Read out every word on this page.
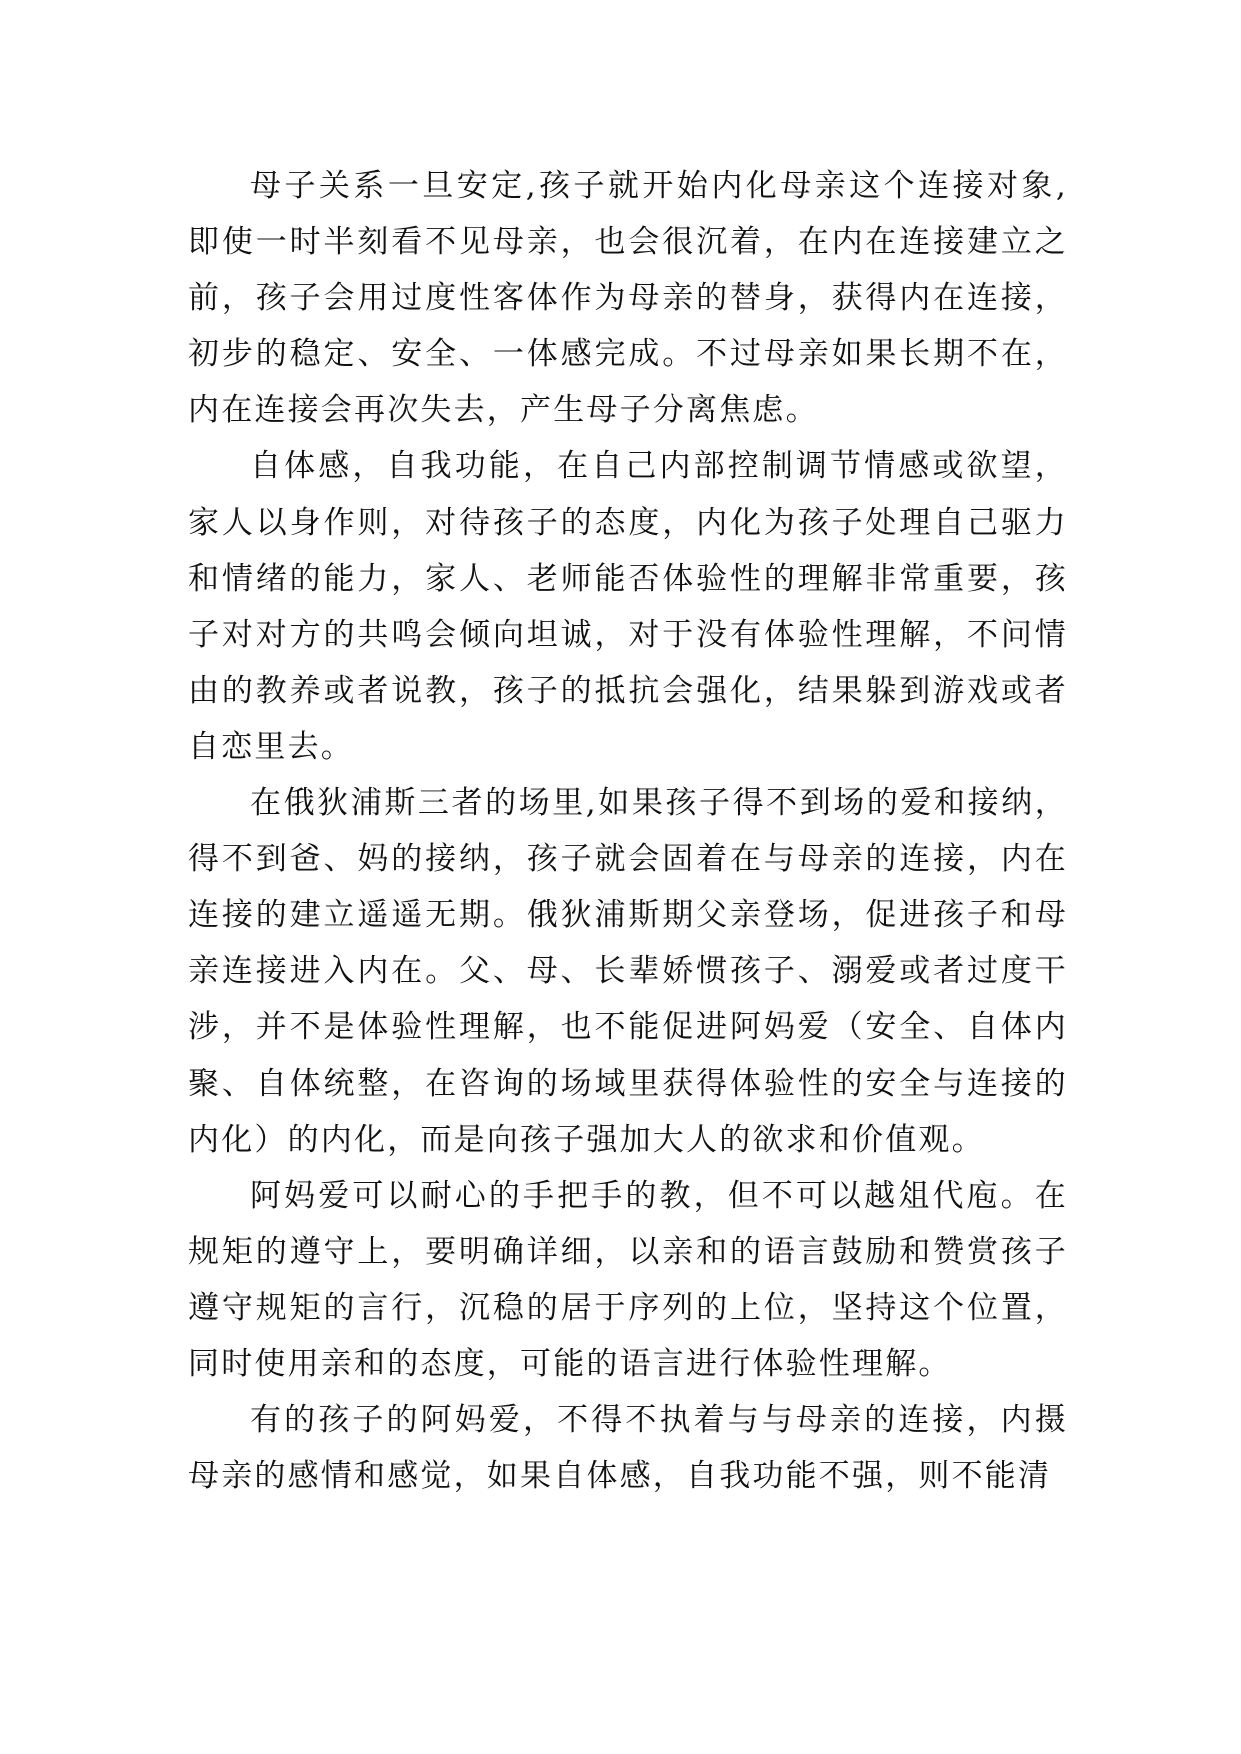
母子关系一旦安定,孩子就开始内化母亲这个连接对象,即使一时半刻看不见母亲，也会很沉着，在内在连接建立之前，孩子会用过度性客体作为母亲的替身，获得内在连接，初步的稳定、安全、一体感完成。不过母亲如果长期不在，内在连接会再次失去，产生母子分离焦虑。

自体感，自我功能，在自己内部控制调节情感或欲望，家人以身作则，对待孩子的态度，内化为孩子处理自己驱力和情绪的能力，家人、老师能否体验性的理解非常重要，孩子对对方的共鸣会倾向坦诚，对于没有体验性理解，不问情由的教养或者说教，孩子的抵抗会强化，结果躲到游戏或者自恋里去。

在俄狄浦斯三者的场里,如果孩子得不到场的爱和接纳，得不到爸、妈的接纳，孩子就会固着在与母亲的连接，内在连接的建立遥遥无期。俄狄浦斯期父亲登场，促进孩子和母亲连接进入内在。父、母、长辈娇惯孩子、溺爱或者过度干涉，并不是体验性理解，也不能促进阿妈爱（安全、自体内聚、自体统整，在咨询的场域里获得体验性的安全与连接的内化）的内化，而是向孩子强加大人的欲求和价值观。

阿妈爱可以耐心的手把手的教，但不可以越俎代庖。在规矩的遵守上，要明确详细，以亲和的语言鼓励和赞赏孩子遵守规矩的言行，沉稳的居于序列的上位，坚持这个位置，同时使用亲和的态度，可能的语言进行体验性理解。

有的孩子的阿妈爱，不得不执着与与母亲的连接，内摄母亲的感情和感觉，如果自体感，自我功能不强，则不能清
